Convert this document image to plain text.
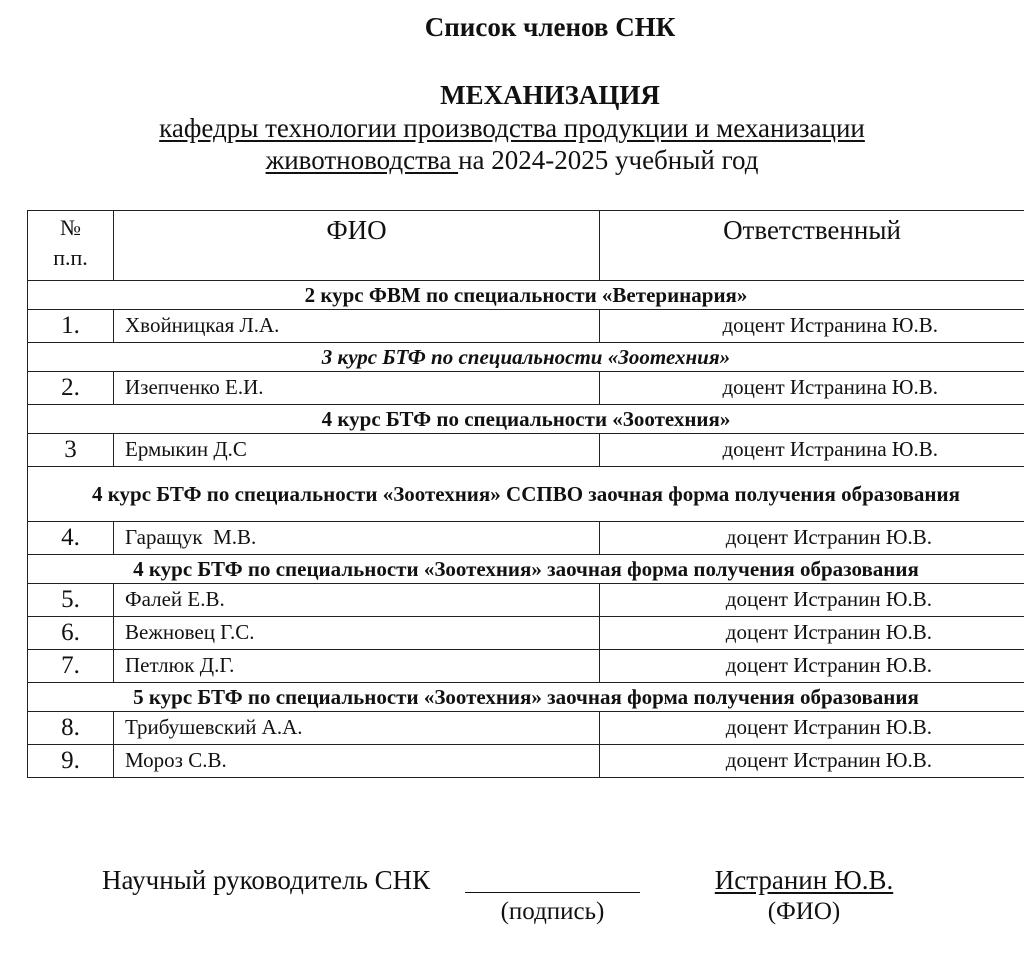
Список членов СНК
МЕХАНИЗАЦИЯ
кафедры технологии производства продукции и механизации
животноводства на 2024-2025 учебный год
№
п.п.	ФИО	Ответственный
2 курс ФВМ по специальности «Ветеринария»		
1.	Хвойницкая Л.А.	доцент Истранина Ю.В.
3 курс БТФ по специальности «Зоотехния»		
2.	Изепченко Е.И.	доцент Истранина Ю.В.
4 курс БТФ по специальности «Зоотехния»		
3	Ермыкин Д.С	доцент Истранина Ю.В.
4 курс БТФ по специальности «Зоотехния» ССПВО заочная форма получения образования		
4.	Гаращук  М.В.	доцент Истранин Ю.В.
4 курс БТФ по специальности «Зоотехния» заочная форма получения образования		
5.	Фалей Е.В.	доцент Истранин Ю.В.
6.	Вежновец Г.С.	доцент Истранин Ю.В.
7.	Петлюк Д.Г.	доцент Истранин Ю.В.
5 курс БТФ по специальности «Зоотехния» заочная форма получения образования		
8.	Трибушевский А.А.	доцент Истранин Ю.В.
9.	Мороз С.В.	доцент Истранин Ю.В.
Научный руководитель СНК	Истранин Ю.В.
(подпись)	(ФИО)
